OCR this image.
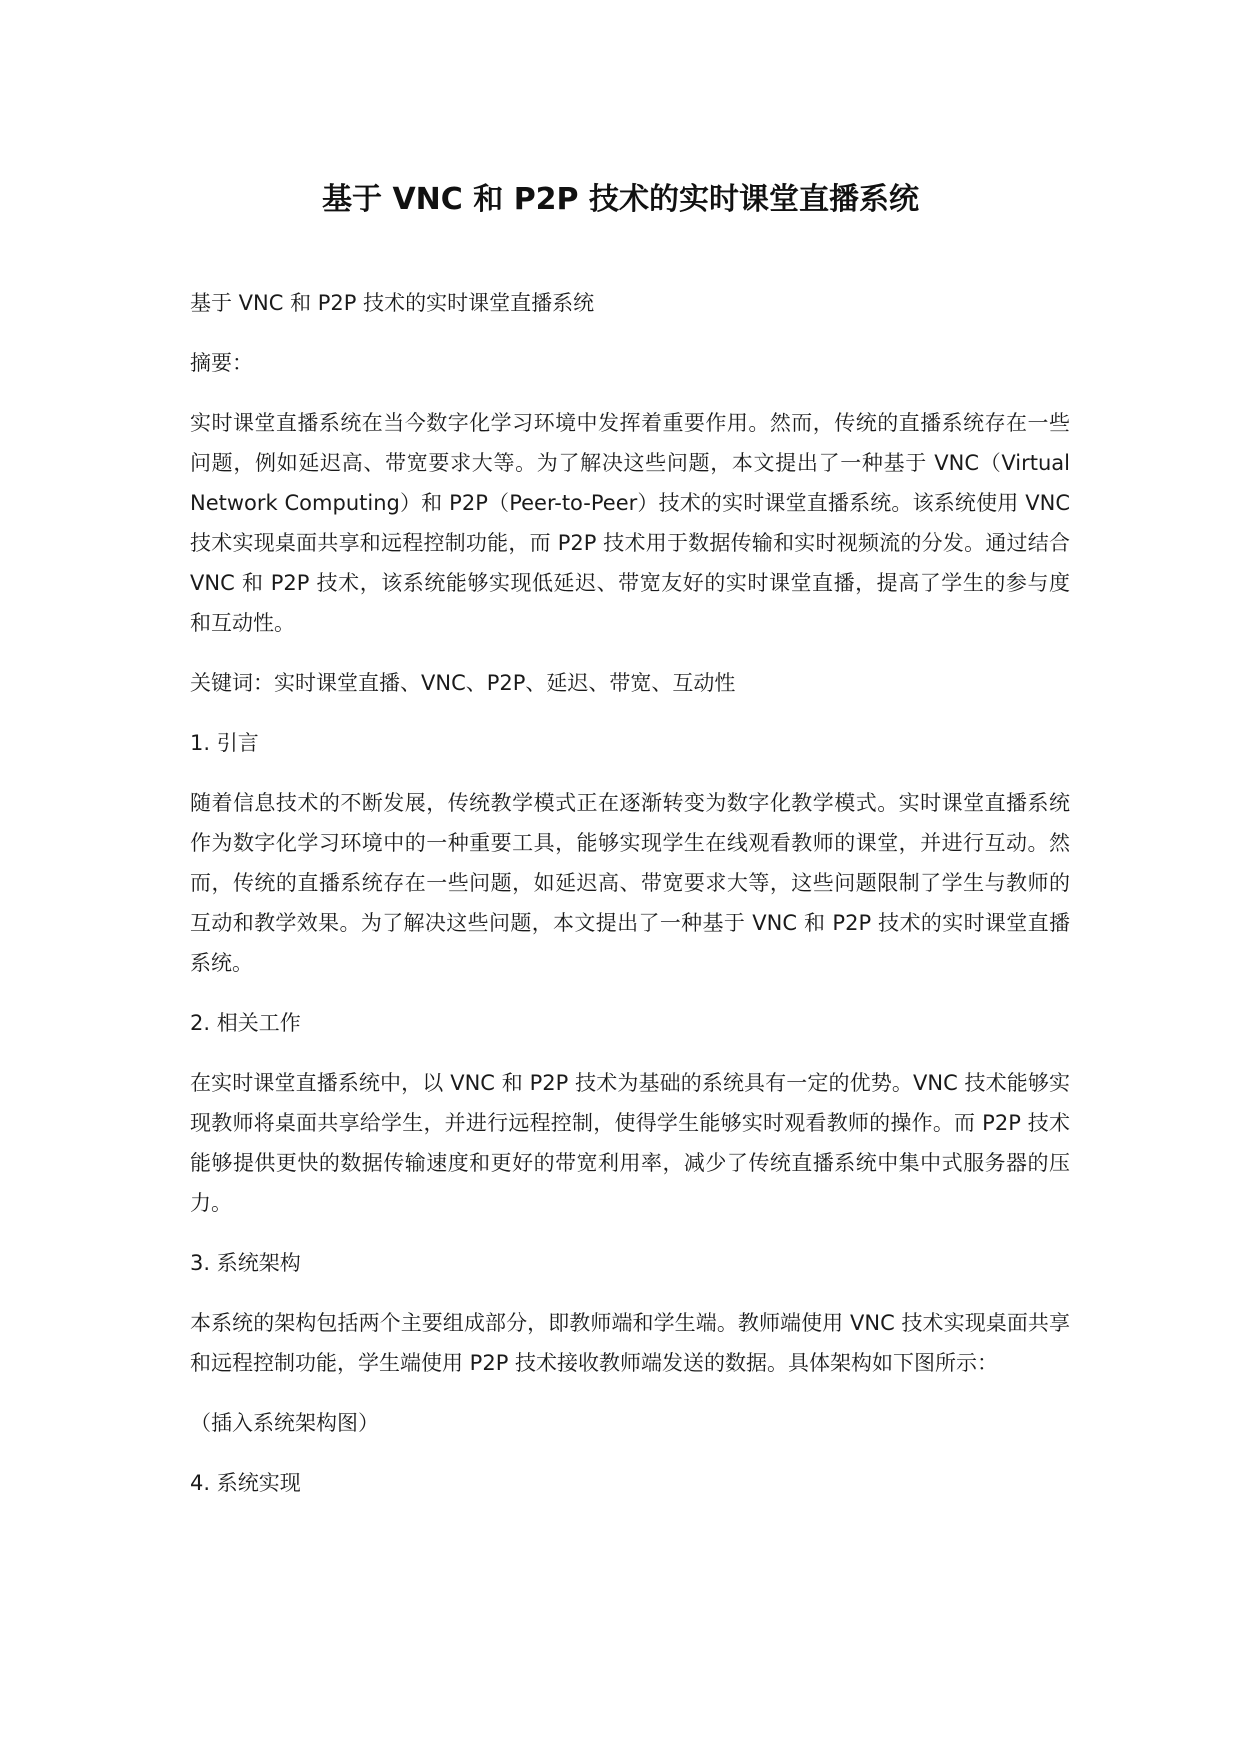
基于 VNC 和 P2P 技术的实时课堂直播系统

基于 VNC 和 P2P 技术的实时课堂直播系统

摘要：

实时课堂直播系统在当今数字化学习环境中发挥着重要作用。然而，传统的直播系统存在一些问题，例如延迟高、带宽要求大等。为了解决这些问题，本文提出了一种基于 VNC（Virtual Network Computing）和 P2P（Peer-to-Peer）技术的实时课堂直播系统。该系统使用 VNC 技术实现桌面共享和远程控制功能，而 P2P 技术用于数据传输和实时视频流的分发。通过结合 VNC 和 P2P 技术，该系统能够实现低延迟、带宽友好的实时课堂直播，提高了学生的参与度和互动性。

关键词：实时课堂直播、VNC、P2P、延迟、带宽、互动性

1. 引言

随着信息技术的不断发展，传统教学模式正在逐渐转变为数字化教学模式。实时课堂直播系统作为数字化学习环境中的一种重要工具，能够实现学生在线观看教师的课堂，并进行互动。然而，传统的直播系统存在一些问题，如延迟高、带宽要求大等，这些问题限制了学生与教师的互动和教学效果。为了解决这些问题，本文提出了一种基于 VNC 和 P2P 技术的实时课堂直播系统。

2. 相关工作

在实时课堂直播系统中，以 VNC 和 P2P 技术为基础的系统具有一定的优势。VNC 技术能够实现教师将桌面共享给学生，并进行远程控制，使得学生能够实时观看教师的操作。而 P2P 技术能够提供更快的数据传输速度和更好的带宽利用率，减少了传统直播系统中集中式服务器的压力。

3. 系统架构

本系统的架构包括两个主要组成部分，即教师端和学生端。教师端使用 VNC 技术实现桌面共享和远程控制功能，学生端使用 P2P 技术接收教师端发送的数据。具体架构如下图所示：

（插入系统架构图）

4. 系统实现
